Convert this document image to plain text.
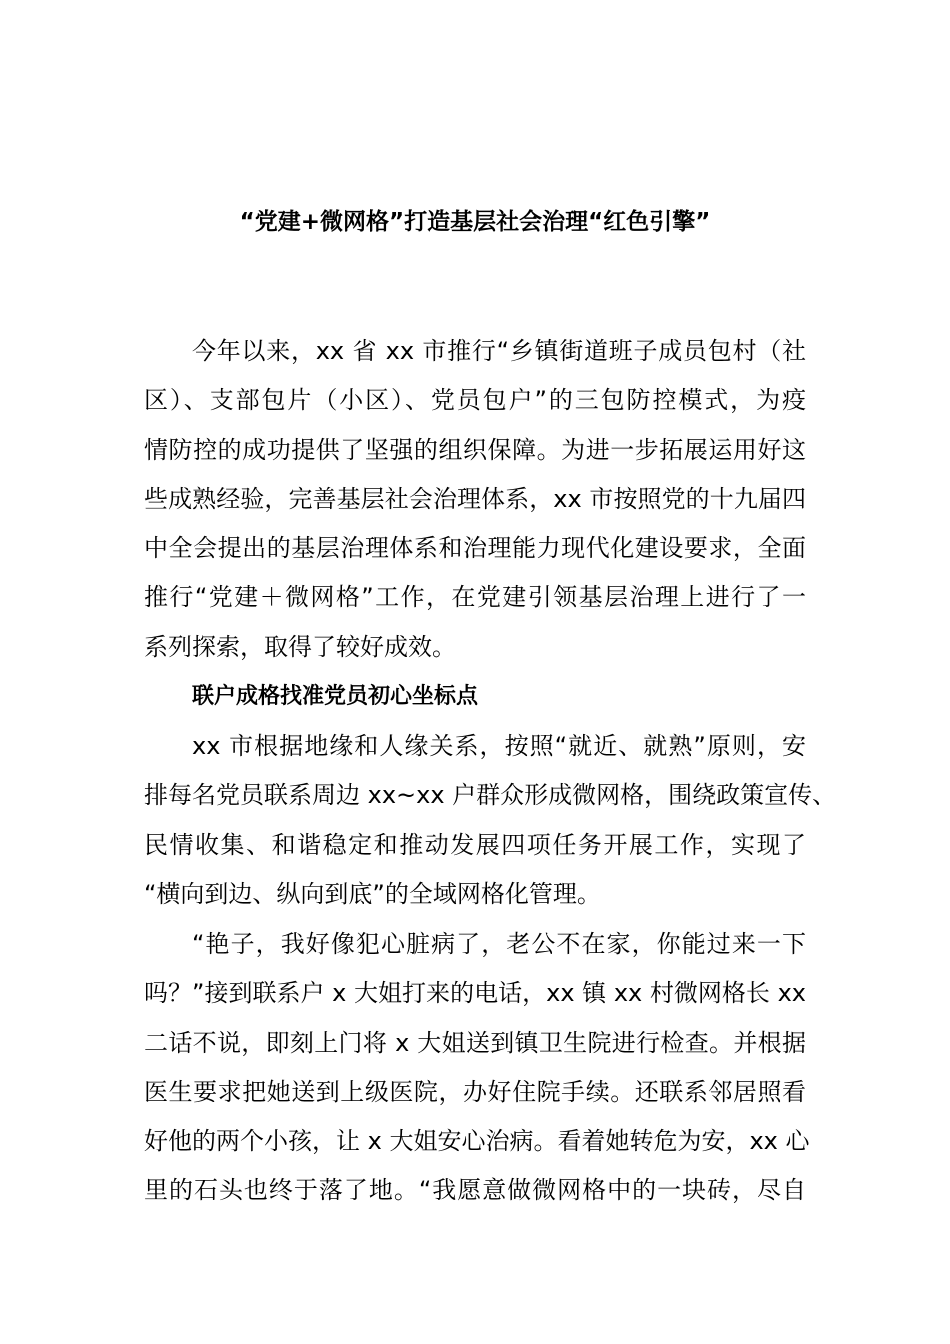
“党建+微网格”打造基层社会治理“红色引擎”
今年以来，xx 省 xx 市推行“乡镇街道班子成员包村（社
区）、支部包片（小区）、党员包户”的三包防控模式，为疫
情防控的成功提供了坚强的组织保障。为进一步拓展运用好这
些成熟经验，完善基层社会治理体系，xx 市按照党的十九届四
中全会提出的基层治理体系和治理能力现代化建设要求，全面
推行“党建＋微网格”工作，在党建引领基层治理上进行了一
系列探索，取得了较好成效。
联户成格找准党员初心坐标点
xx 市根据地缘和人缘关系，按照“就近、就熟”原则，安
排每名党员联系周边 xx~xx 户群众形成微网格，围绕政策宣传、
民情收集、和谐稳定和推动发展四项任务开展工作，实现了
“横向到边、纵向到底”的全域网格化管理。
“艳子，我好像犯心脏病了，老公不在家，你能过来一下
吗？”接到联系户 x 大姐打来的电话，xx 镇 xx 村微网格长 xx
二话不说，即刻上门将 x 大姐送到镇卫生院进行检查。并根据
医生要求把她送到上级医院，办好住院手续。还联系邻居照看
好他的两个小孩，让 x 大姐安心治病。看着她转危为安，xx 心
里的石头也终于落了地。“我愿意做微网格中的一块砖，尽自
